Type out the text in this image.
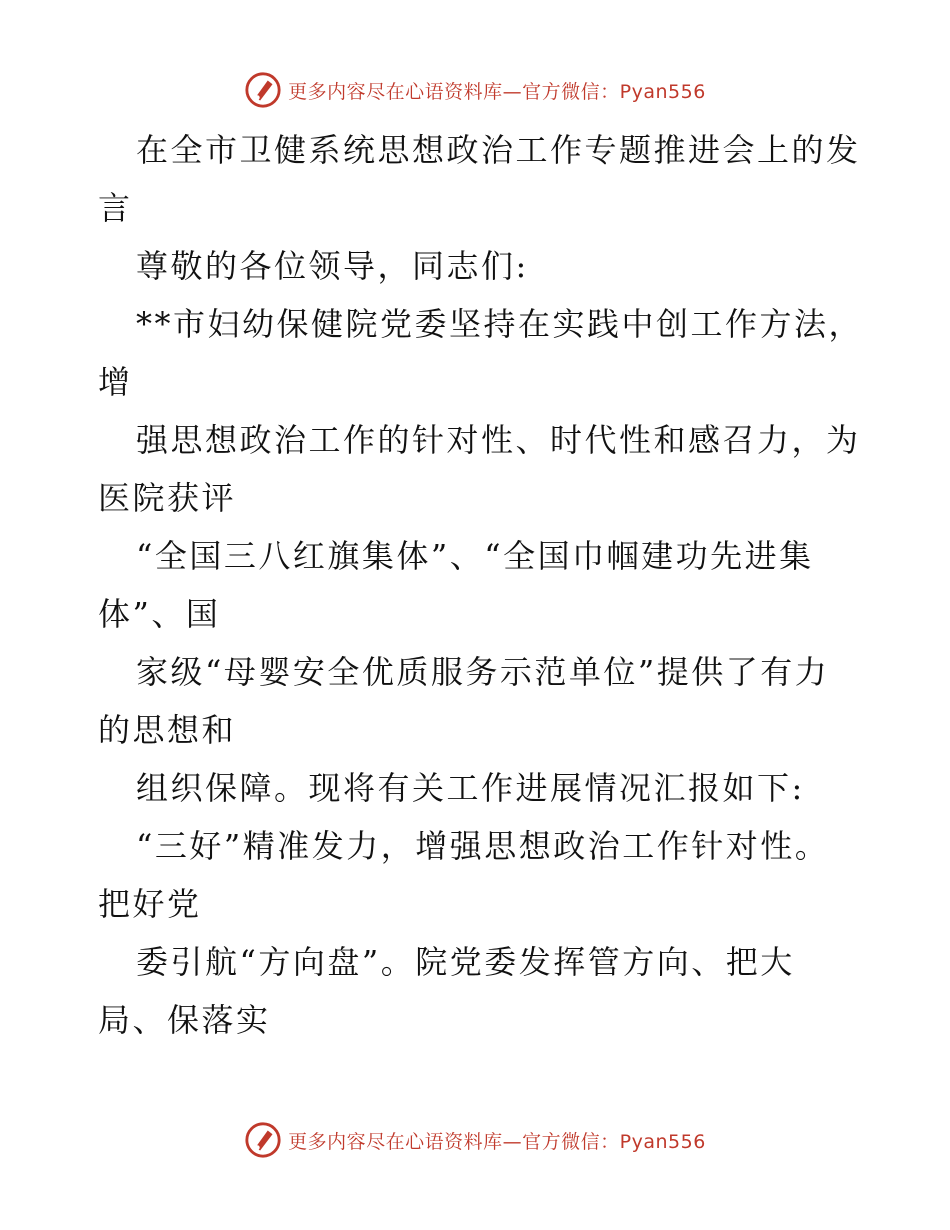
更多内容尽在心语资料库—官方微信：Pyan556
在全市卫健系统思想政治工作专题推进会上的发
言
尊敬的各位领导，同志们:
**市妇幼保健院党委坚持在实践中创工作方法，
增
强思想政治工作的针对性、时代性和感召力，为
医院获评
“全国三八红旗集体”、“全国巾帼建功先进集
体”、国
家级“母婴安全优质服务示范单位”提供了有力
的思想和
组织保障。现将有关工作进展情况汇报如下:
“三好”精准发力，增强思想政治工作针对性。
把好党
委引航“方向盘”。院党委发挥管方向、把大
局、保落实
更多内容尽在心语资料库—官方微信：Pyan556
